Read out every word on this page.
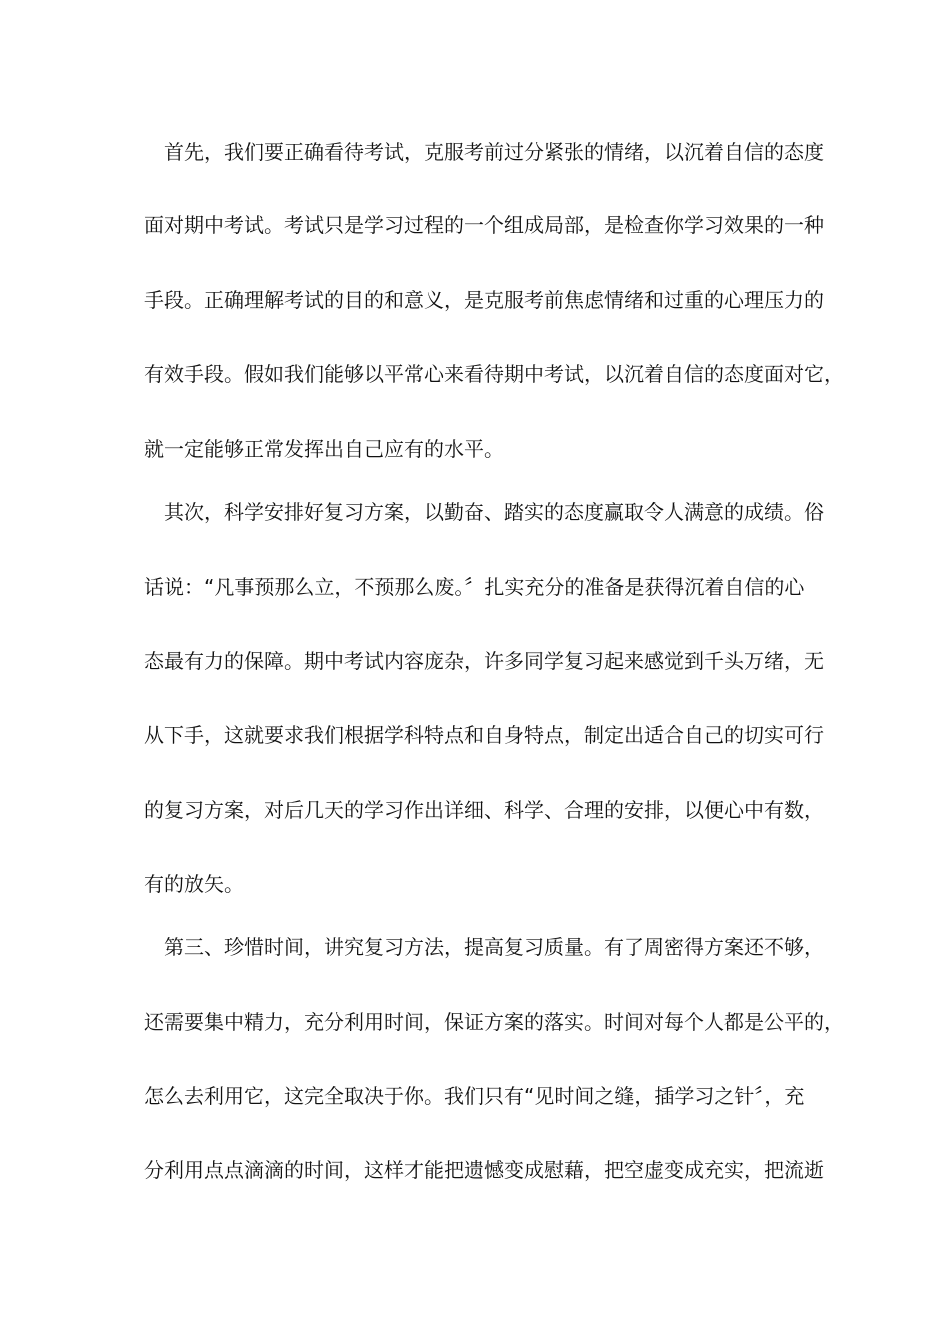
首先，我们要正确看待考试，克服考前过分紧张的情绪，以沉着自信的态度
面对期中考试。考试只是学习过程的一个组成局部，是检查你学习效果的一种
手段。正确理解考试的目的和意义，是克服考前焦虑情绪和过重的心理压力的
有效手段。假如我们能够以平常心来看待期中考试，以沉着自信的态度面对它，
就一定能够正常发挥出自己应有的水平。
其次，科学安排好复习方案，以勤奋、踏实的态度赢取令人满意的成绩。俗
话说：“凡事预那么立，不预那么废。〞扎实充分的准备是获得沉着自信的心
态最有力的保障。期中考试内容庞杂，许多同学复习起来感觉到千头万绪，无
从下手，这就要求我们根据学科特点和自身特点，制定出适合自己的切实可行
的复习方案，对后几天的学习作出详细、科学、合理的安排，以便心中有数，
有的放矢。
第三、珍惜时间，讲究复习方法，提高复习质量。有了周密得方案还不够，
还需要集中精力，充分利用时间，保证方案的落实。时间对每个人都是公平的，
怎么去利用它，这完全取决于你。我们只有“见时间之缝，插学习之针〞，充
分利用点点滴滴的时间，这样才能把遗憾变成慰藉，把空虚变成充实，把流逝
